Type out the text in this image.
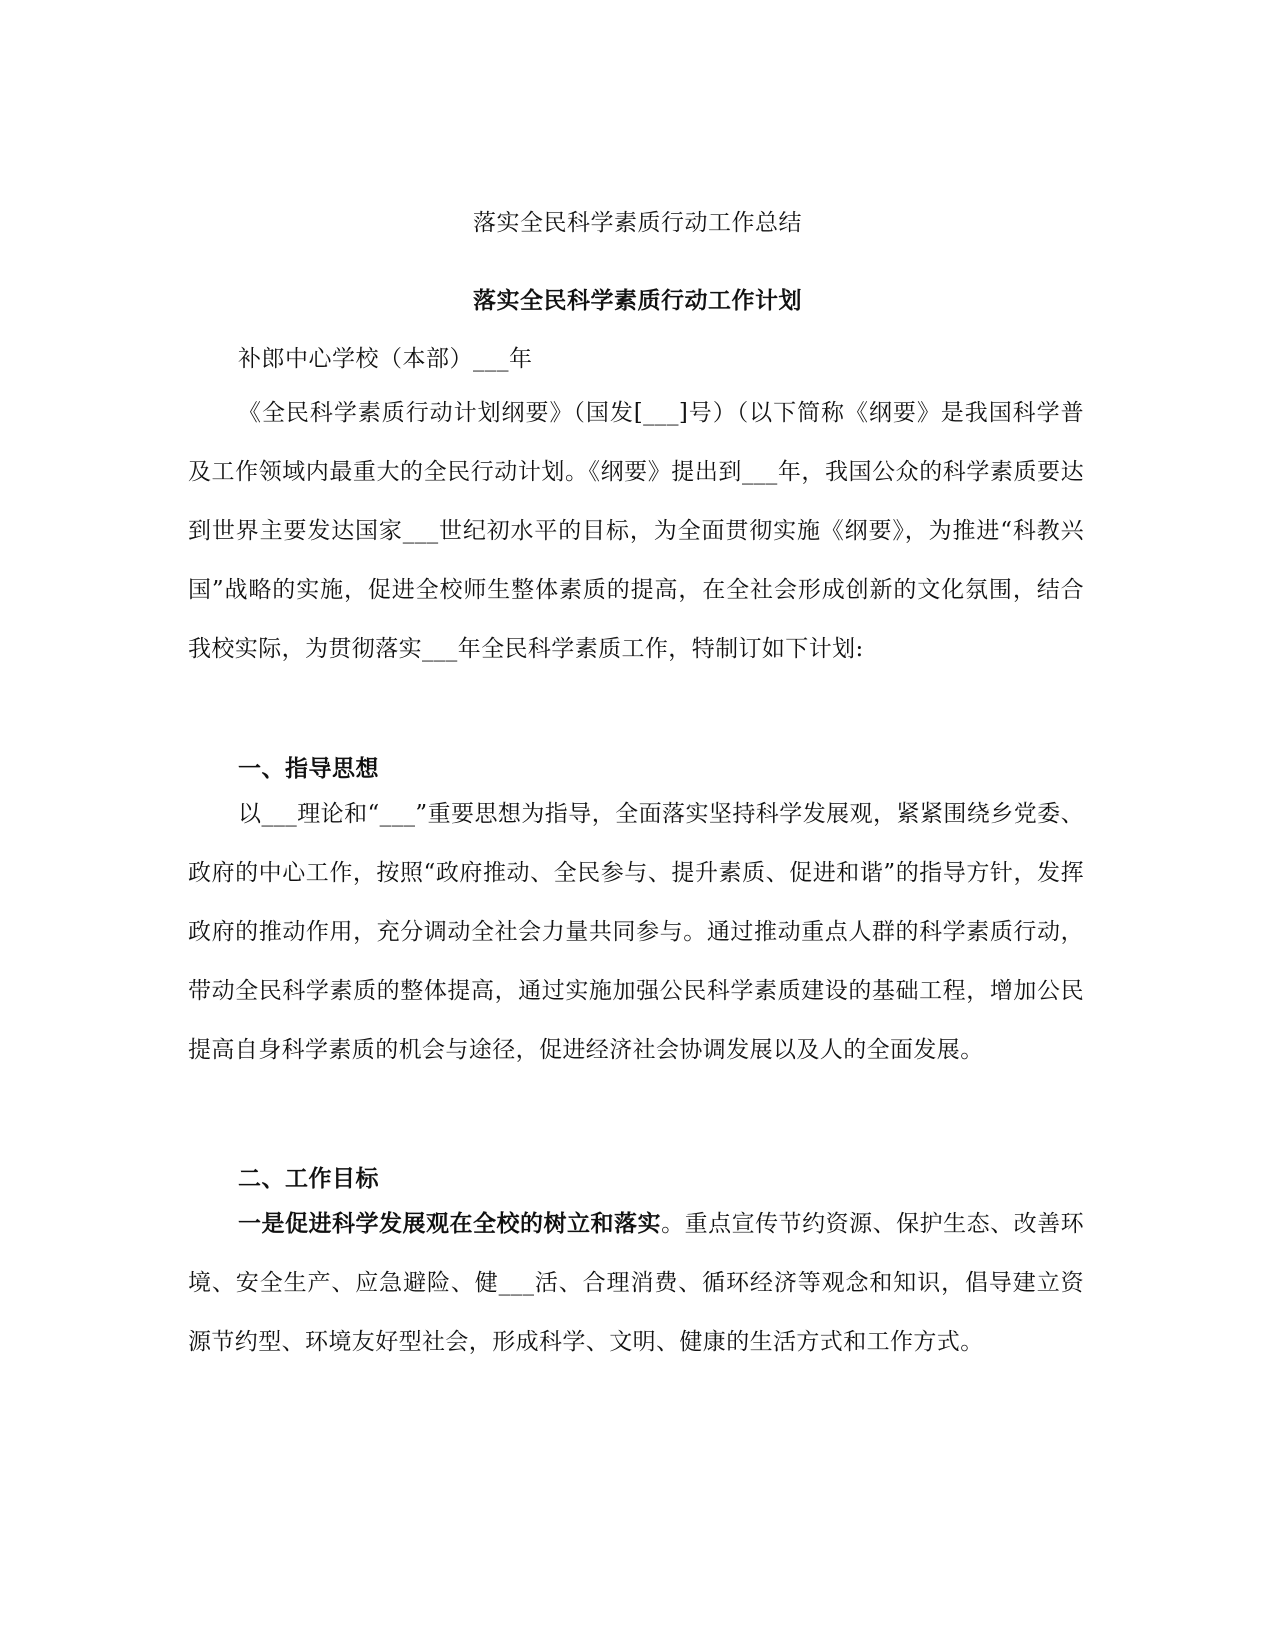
落实全民科学素质行动工作总结
落实全民科学素质行动工作计划
补郎中心学校（本部）___年

《全民科学素质行动计划纲要》（国发[___]号）（以下简称《纲要》是我国科学普及工作领域内最重大的全民行动计划。《纲要》提出到___年，我国公众的科学素质要达到世界主要发达国家___世纪初水平的目标，为全面贯彻实施《纲要》，为推进“科教兴国”战略的实施，促进全校师生整体素质的提高，在全社会形成创新的文化氛围，结合我校实际，为贯彻落实___年全民科学素质工作，特制订如下计划:

一、指导思想

以___理论和“___”重要思想为指导，全面落实坚持科学发展观，紧紧围绕乡党委、政府的中心工作，按照“政府推动、全民参与、提升素质、促进和谐”的指导方针，发挥政府的推动作用，充分调动全社会力量共同参与。通过推动重点人群的科学素质行动，带动全民科学素质的整体提高，通过实施加强公民科学素质建设的基础工程，增加公民提高自身科学素质的机会与途径，促进经济社会协调发展以及人的全面发展。

二、工作目标

一是促进科学发展观在全校的树立和落实。重点宣传节约资源、保护生态、改善环境、安全生产、应急避险、健___活、合理消费、循环经济等观念和知识，倡导建立资源节约型、环境友好型社会，形成科学、文明、健康的生活方式和工作方式。
